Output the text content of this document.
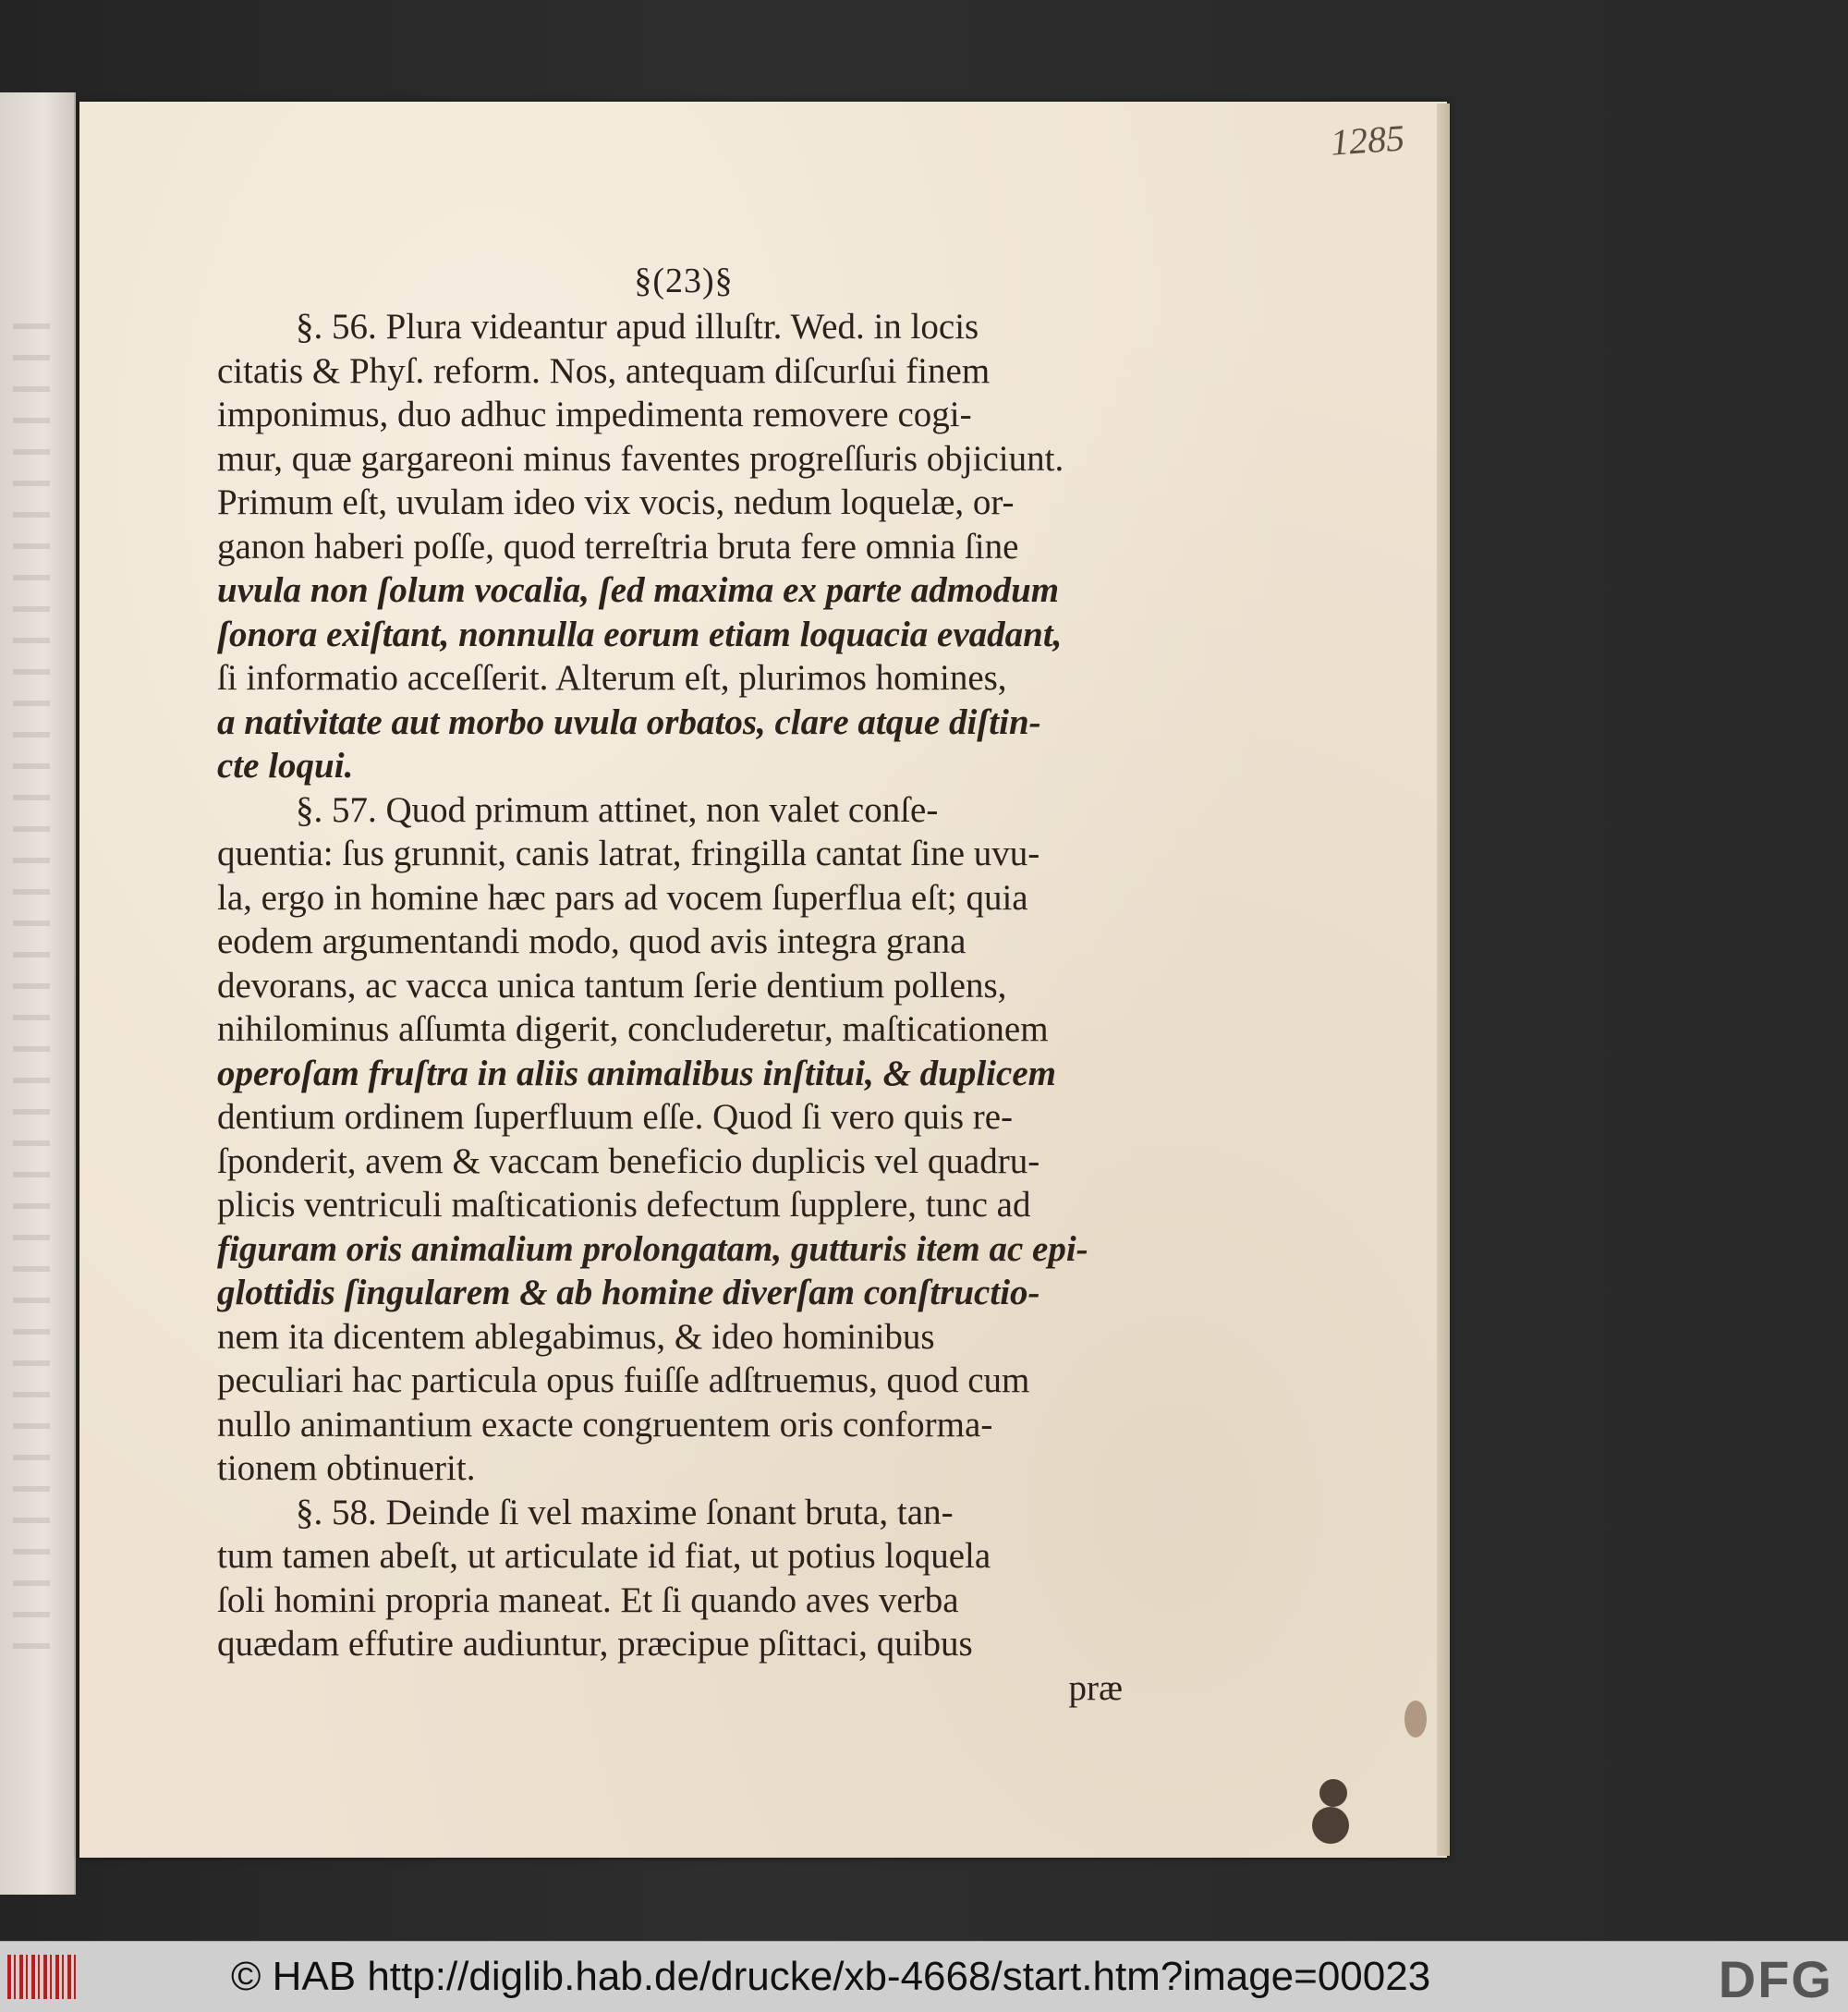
1285
§(23)§
§. 56. Plura videantur apud illuſtr. Wed. in locis
citatis & Phyſ. reform. Nos, antequam diſcurſui finem
imponimus, duo adhuc impedimenta removere cogi-
mur, quæ gargareoni minus faventes progreſſuris objiciunt.
Primum eſt, uvulam ideo vix vocis, nedum loquelæ, or-
ganon haberi poſſe, quod terreſtria bruta fere omnia ſine
uvula non ſolum vocalia, ſed maxima ex parte admodum
ſonora exiſtant, nonnulla eorum etiam loquacia evadant,
ſi informatio acceſſerit. Alterum eſt, plurimos homines,
a nativitate aut morbo uvula orbatos, clare atque diſtin-
cte loqui.
§. 57. Quod primum attinet, non valet conſe-
quentia: ſus grunnit, canis latrat, fringilla cantat ſine uvu-
la, ergo in homine hæc pars ad vocem ſuperflua eſt; quia
eodem argumentandi modo, quod avis integra grana
devorans, ac vacca unica tantum ſerie dentium pollens,
nihilominus aſſumta digerit, concluderetur, maſticationem
operoſam fruſtra in aliis animalibus inſtitui, & duplicem
dentium ordinem ſuperfluum eſſe. Quod ſi vero quis re-
ſponderit, avem & vaccam beneficio duplicis vel quadru-
plicis ventriculi maſticationis defectum ſupplere, tunc ad
figuram oris animalium prolongatam, gutturis item ac epi-
glottidis ſingularem & ab homine diverſam conſtructio-
nem ita dicentem ablegabimus, & ideo hominibus
peculiari hac particula opus fuiſſe adſtruemus, quod cum
nullo animantium exacte congruentem oris conforma-
tionem obtinuerit.
§. 58. Deinde ſi vel maxime ſonant bruta, tan-
tum tamen abeſt, ut articulate id fiat, ut potius loquela
ſoli homini propria maneat. Et ſi quando aves verba
quædam effutire audiuntur, præcipue pſittaci, quibus
præ
© HAB http://diglib.hab.de/drucke/xb-4668/start.htm?image=00023	DFG
